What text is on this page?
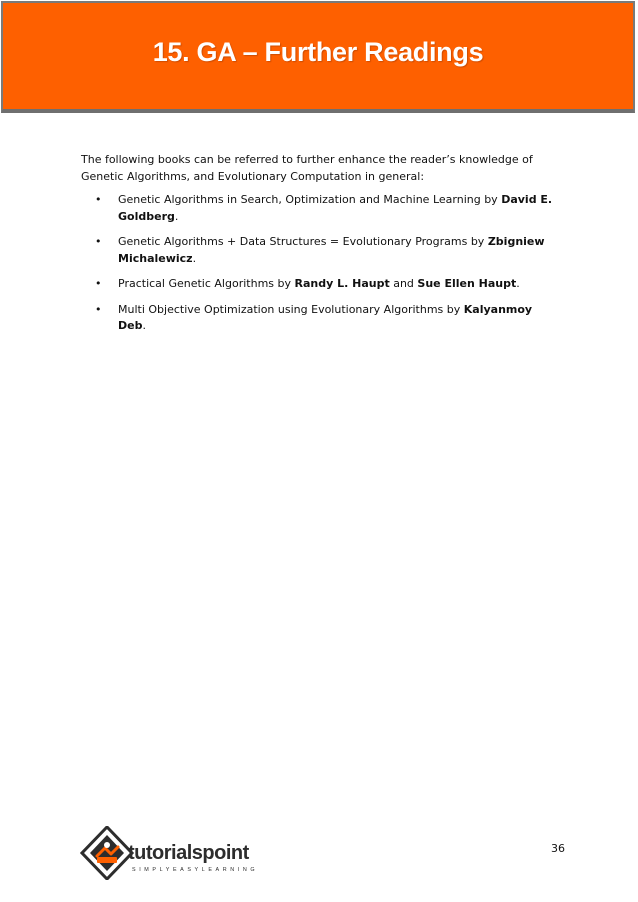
15. GA – Further Readings

The following books can be referred to further enhance the reader’s knowledge of Genetic Algorithms, and Evolutionary Computation in general:

• Genetic Algorithms in Search, Optimization and Machine Learning by David E. Goldberg.
• Genetic Algorithms + Data Structures = Evolutionary Programs by Zbigniew Michalewicz.
• Practical Genetic Algorithms by Randy L. Haupt and Sue Ellen Haupt.
• Multi Objective Optimization using Evolutionary Algorithms by Kalyanmoy Deb.
tutorialspoint
SIMPLYEASYLEARNING
36
